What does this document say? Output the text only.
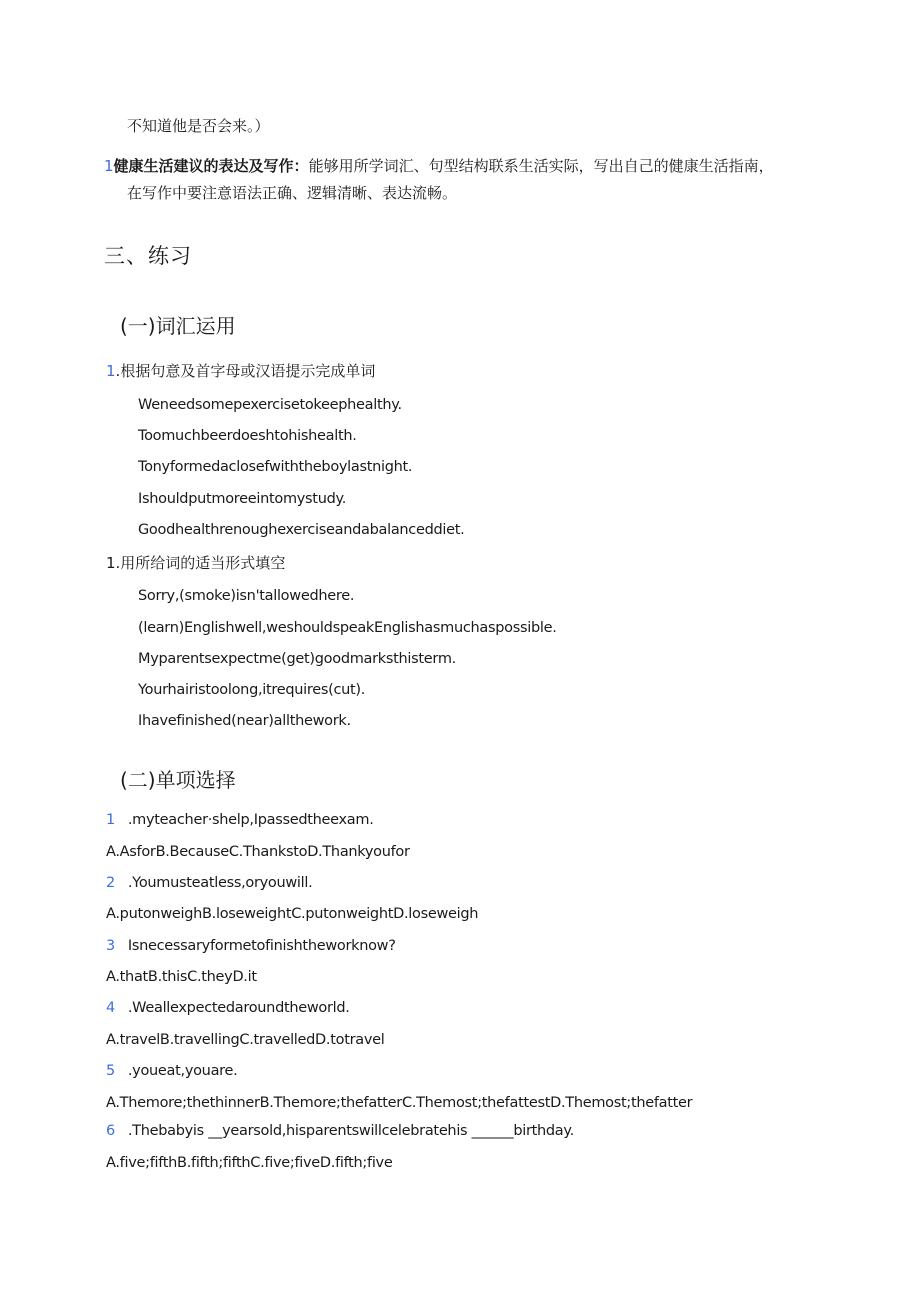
不知道他是否会来。）
1健康生活建议的表达及写作：能够用所学词汇、句型结构联系生活实际，写出自己的健康生活指南，
在写作中要注意语法正确、逻辑清晰、表达流畅。
三、练习
(一)词汇运用
1.根据句意及首字母或汉语提示完成单词
Weneedsomepexercisetokeephealthy.
Toomuchbeerdoeshtohishealth.
Tonyformedaclosefwiththeboylastnight.
Ishouldputmoreeintomystudy.
Goodhealthrenoughexerciseandabalanceddiet.
1.用所给词的适当形式填空
Sorry,(smoke)isn'tallowedhere.
(learn)Englishwell,weshouldspeakEnglishasmuchaspossible.
Myparentsexpectme(get)goodmarksthisterm.
Yourhairistoolong,itrequires(cut).
Ihavefinished(near)allthework.
(二)单项选择
1 .myteacher·shelp,Ipassedtheexam.
A.AsforB.BecauseC.ThankstoD.Thankyoufor
2 .Youmusteatless,oryouwill.
A.putonweighB.loseweightC.putonweightD.loseweigh
3 Isnecessaryformetofinishtheworknow?
A.thatB.thisC.theyD.it
4 .Weallexpectedaroundtheworld.
A.travelB.travellingC.travelledD.totravel
5 .youeat,youare.
A.Themore;thethinnerB.Themore;thefatterC.Themost;thefattestD.Themost;thefatter
6 .Thebabyis __yearsold,hisparentswillcelebratehis ______birthday.
A.five;fifthB.fifth;fifthC.five;fiveD.fifth;five
